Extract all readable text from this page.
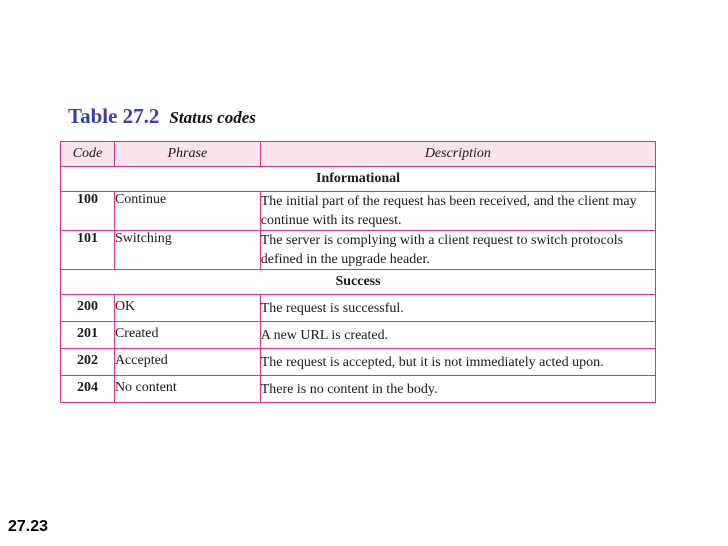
Table 27.2 Status codes
Code	Phrase	Description
Informational		
100	Continue	The initial part of the request has been received, and the client may continue with its request.
101	Switching	The server is complying with a client request to switch protocols defined in the upgrade header.
Success		
200	OK	The request is successful.
201	Created	A new URL is created.
202	Accepted	The request is accepted, but it is not immediately acted upon.
204	No content	There is no content in the body.
27.23
